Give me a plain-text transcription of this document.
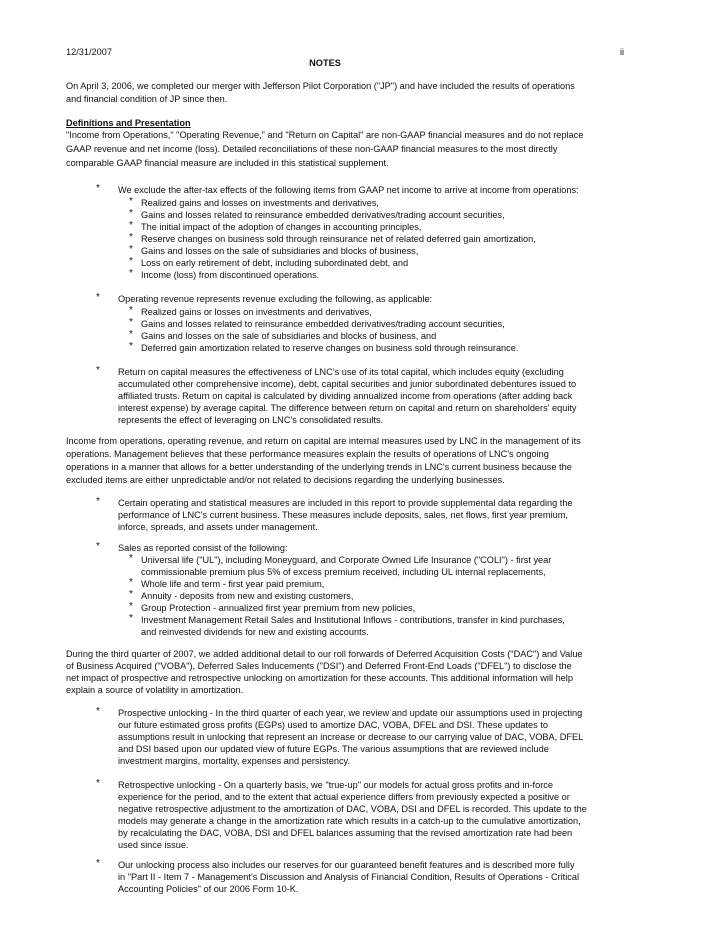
12/31/2007	ii
NOTES
On April 3, 2006, we completed our merger with Jefferson Pilot Corporation ("JP") and have included the results of operations
and financial condition of JP since then.
Definitions and Presentation
"Income from Operations," "Operating Revenue," and "Return on Capital" are non-GAAP financial measures and do not replace
GAAP revenue and net income (loss). Detailed reconciliations of these non-GAAP financial measures to the most directly
comparable GAAP financial measure are included in this statistical supplement.
* We exclude the after-tax effects of the following items from GAAP net income to arrive at income from operations:
* Realized gains and losses on investments and derivatives,
* Gains and losses related to reinsurance embedded derivatives/trading account securities,
* The initial impact of the adoption of changes in accounting principles,
* Reserve changes on business sold through reinsurance net of related deferred gain amortization,
* Gains and losses on the sale of subsidiaries and blocks of business,
* Loss on early retirement of debt, including subordinated debt, and
* Income (loss) from discontinued operations.
* Operating revenue represents revenue excluding the following, as applicable:
* Realized gains or losses on investments and derivatives,
* Gains and losses related to reinsurance embedded derivatives/trading account securities,
* Gains and losses on the sale of subsidiaries and blocks of business, and
* Deferred gain amortization related to reserve changes on business sold through reinsurance.
* Return on capital measures the effectiveness of LNC's use of its total capital, which includes equity (excluding
accumulated other comprehensive income), debt, capital securities and junior subordinated debentures issued to
affiliated trusts. Return on capital is calculated by dividing annualized income from operations (after adding back
interest expense) by average capital. The difference between return on capital and return on shareholders' equity
represents the effect of leveraging on LNC's consolidated results.
Income from operations, operating revenue, and return on capital are internal measures used by LNC in the management of its
operations. Management believes that these performance measures explain the results of operations of LNC's ongoing
operations in a manner that allows for a better understanding of the underlying trends in LNC's current business because the
excluded items are either unpredictable and/or not related to decisions regarding the underlying businesses.
* Certain operating and statistical measures are included in this report to provide supplemental data regarding the
performance of LNC's current business. These measures include deposits, sales, net flows, first year premium,
inforce, spreads, and assets under management.
* Sales as reported consist of the following:
* Universal life ("UL"), including Moneyguard, and Corporate Owned Life Insurance ("COLI") - first year
commissionable premium plus 5% of excess premium received, including UL internal replacements,
* Whole life and term - first year paid premium,
* Annuity - deposits from new and existing customers,
* Group Protection - annualized first year premium from new policies,
* Investment Management Retail Sales and Institutional Inflows - contributions, transfer in kind purchases,
and reinvested dividends for new and existing accounts.
During the third quarter of 2007, we added additional detail to our roll forwards of Deferred Acquisition Costs ("DAC") and Value
of Business Acquired ("VOBA"), Deferred Sales Inducements ("DSI") and Deferred Front-End Loads ("DFEL") to disclose the
net impact of prospective and retrospective unlocking on amortization for these accounts. This additional information will help
explain a source of volatility in amortization.
* Prospective unlocking - In the third quarter of each year, we review and update our assumptions used in projecting
our future estimated gross profits (EGPs) used to amortize DAC, VOBA, DFEL and DSI. These updates to
assumptions result in unlocking that represent an increase or decrease to our carrying value of DAC, VOBA, DFEL
and DSI based upon our updated view of future EGPs. The various assumptions that are reviewed include
investment margins, mortality, expenses and persistency.
* Retrospective unlocking - On a quarterly basis, we "true-up" our models for actual gross profits and in-force
experience for the period, and to the extent that actual experience differs from previously expected a positive or
negative retrospective adjustment to the amortization of DAC, VOBA, DSI and DFEL is recorded. This update to the
models may generate a change in the amortization rate which results in a catch-up to the cumulative amortization,
by recalculating the DAC, VOBA, DSI and DFEL balances assuming that the revised amortization rate had been
used since issue.
* Our unlocking process also includes our reserves for our guaranteed benefit features and is described more fully
in "Part II - Item 7 - Management's Discussion and Analysis of Financial Condition, Results of Operations - Critical
Accounting Policies" of our 2006 Form 10-K.
